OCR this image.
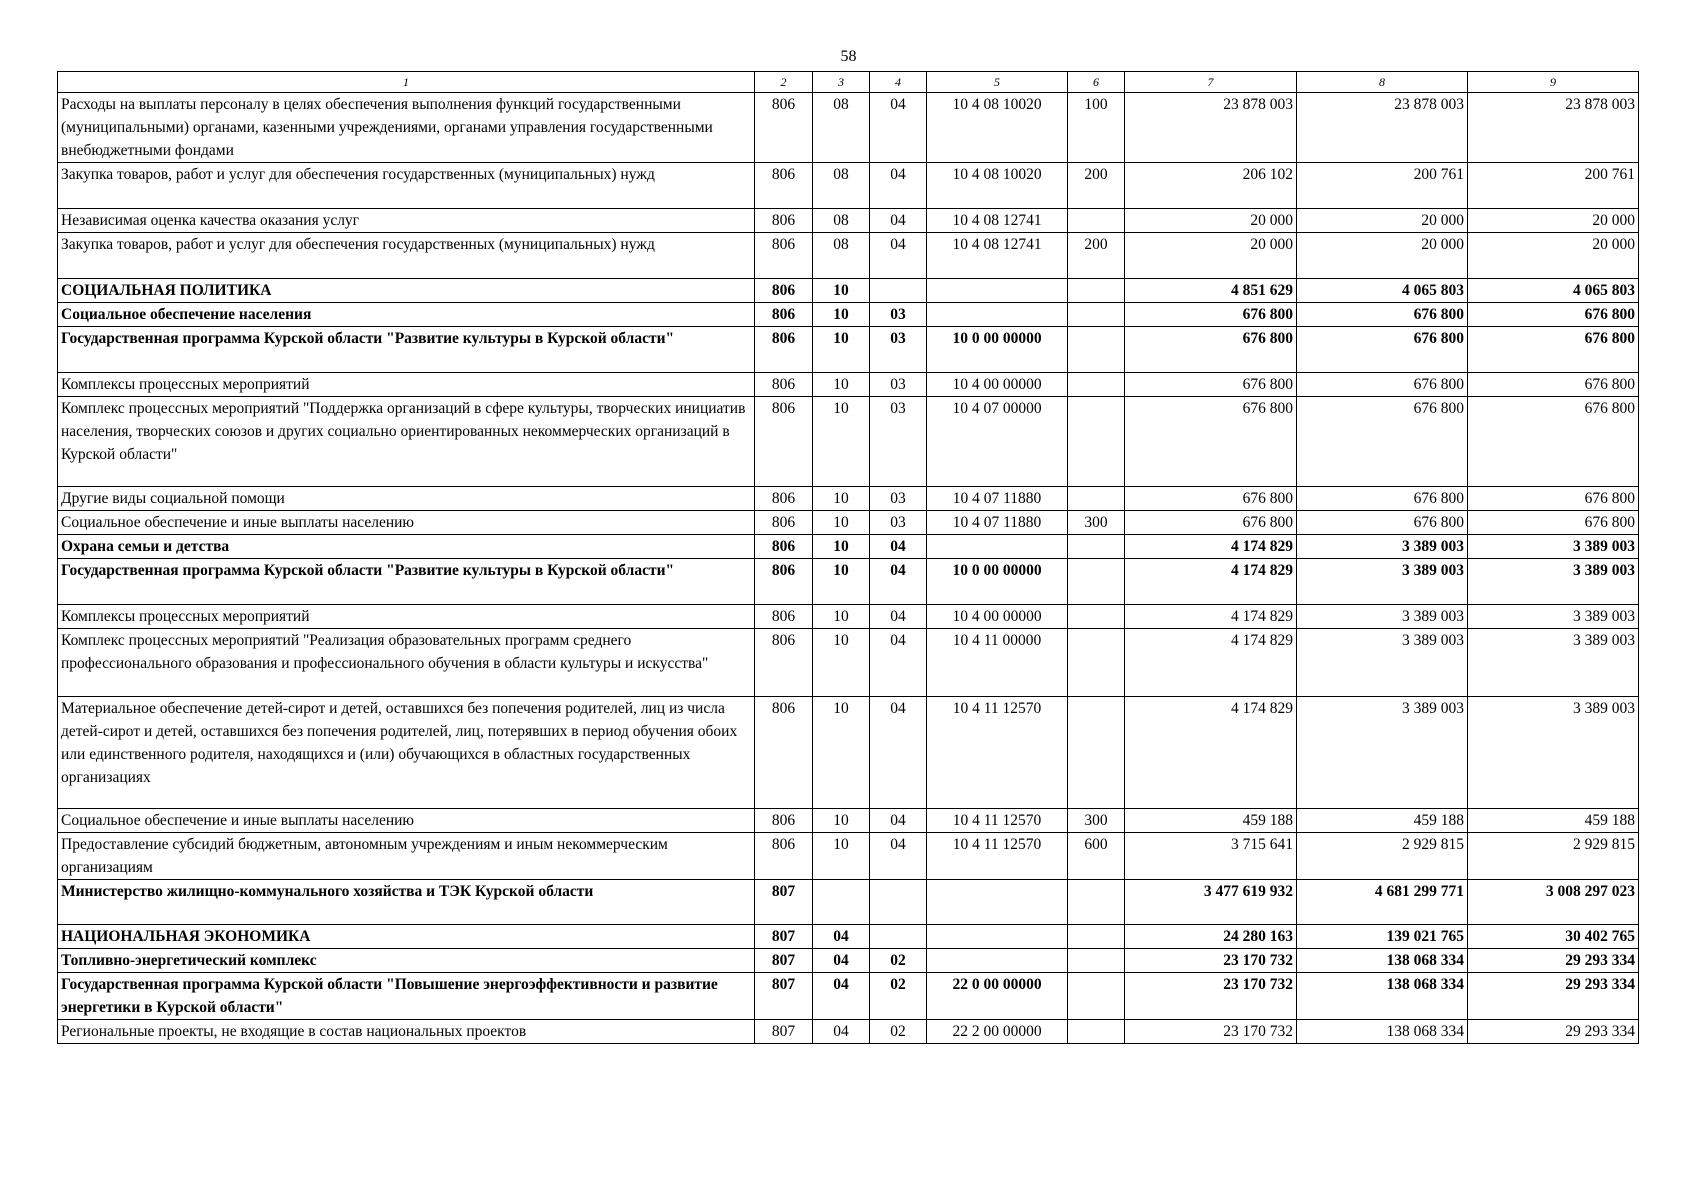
58
1	2	3	4	5	6	7	8	9
Расходы на выплаты персоналу в целях обеспечения выполнения функций государственными (муниципальными) органами, казенными учреждениями, органами управления государственными внебюджетными фондами	806	08	04	10 4 08 10020	100	23 878 003	23 878 003	23 878 003
Закупка товаров, работ и услуг для обеспечения государственных (муниципальных) нужд	806	08	04	10 4 08 10020	200	206 102	200 761	200 761
Независимая оценка качества оказания услуг	806	08	04	10 4 08 12741		20 000	20 000	20 000
Закупка товаров, работ и услуг для обеспечения государственных (муниципальных) нужд	806	08	04	10 4 08 12741	200	20 000	20 000	20 000
СОЦИАЛЬНАЯ ПОЛИТИКА	806	10				4 851 629	4 065 803	4 065 803
Социальное обеспечение населения	806	10	03			676 800	676 800	676 800
Государственная программа Курской области "Развитие культуры в Курской области"	806	10	03	10 0 00 00000		676 800	676 800	676 800
Комплексы процессных мероприятий	806	10	03	10 4 00 00000		676 800	676 800	676 800
Комплекс процессных мероприятий "Поддержка организаций в сфере культуры, творческих инициатив населения, творческих союзов и других социально ориентированных некоммерческих организаций в Курской области"	806	10	03	10 4 07 00000		676 800	676 800	676 800
Другие виды социальной помощи	806	10	03	10 4 07 11880		676 800	676 800	676 800
Социальное обеспечение и иные выплаты населению	806	10	03	10 4 07 11880	300	676 800	676 800	676 800
Охрана семьи и детства	806	10	04			4 174 829	3 389 003	3 389 003
Государственная программа Курской области "Развитие культуры в Курской области"	806	10	04	10 0 00 00000		4 174 829	3 389 003	3 389 003
Комплексы процессных мероприятий	806	10	04	10 4 00 00000		4 174 829	3 389 003	3 389 003
Комплекс процессных мероприятий "Реализация образовательных программ среднего профессионального образования и профессионального обучения в области культуры и искусства"	806	10	04	10 4 11 00000		4 174 829	3 389 003	3 389 003
Материальное обеспечение детей-сирот и детей, оставшихся без попечения родителей, лиц из числа детей-сирот и детей, оставшихся без попечения родителей, лиц, потерявших в период обучения обоих или единственного родителя, находящихся и (или) обучающихся в областных государственных организациях	806	10	04	10 4 11 12570		4 174 829	3 389 003	3 389 003
Социальное обеспечение и иные выплаты населению	806	10	04	10 4 11 12570	300	459 188	459 188	459 188
Предоставление субсидий бюджетным, автономным учреждениям и иным некоммерческим организациям	806	10	04	10 4 11 12570	600	3 715 641	2 929 815	2 929 815
Министерство жилищно-коммунального хозяйства и ТЭК Курской области	807					3 477 619 932	4 681 299 771	3 008 297 023
НАЦИОНАЛЬНАЯ ЭКОНОМИКА	807	04				24 280 163	139 021 765	30 402 765
Топливно-энергетический комплекс	807	04	02			23 170 732	138 068 334	29 293 334
Государственная программа Курской области "Повышение энергоэффективности и развитие энергетики в Курской области"	807	04	02	22 0 00 00000		23 170 732	138 068 334	29 293 334
Региональные проекты, не входящие в состав национальных проектов	807	04	02	22 2 00 00000		23 170 732	138 068 334	29 293 334
